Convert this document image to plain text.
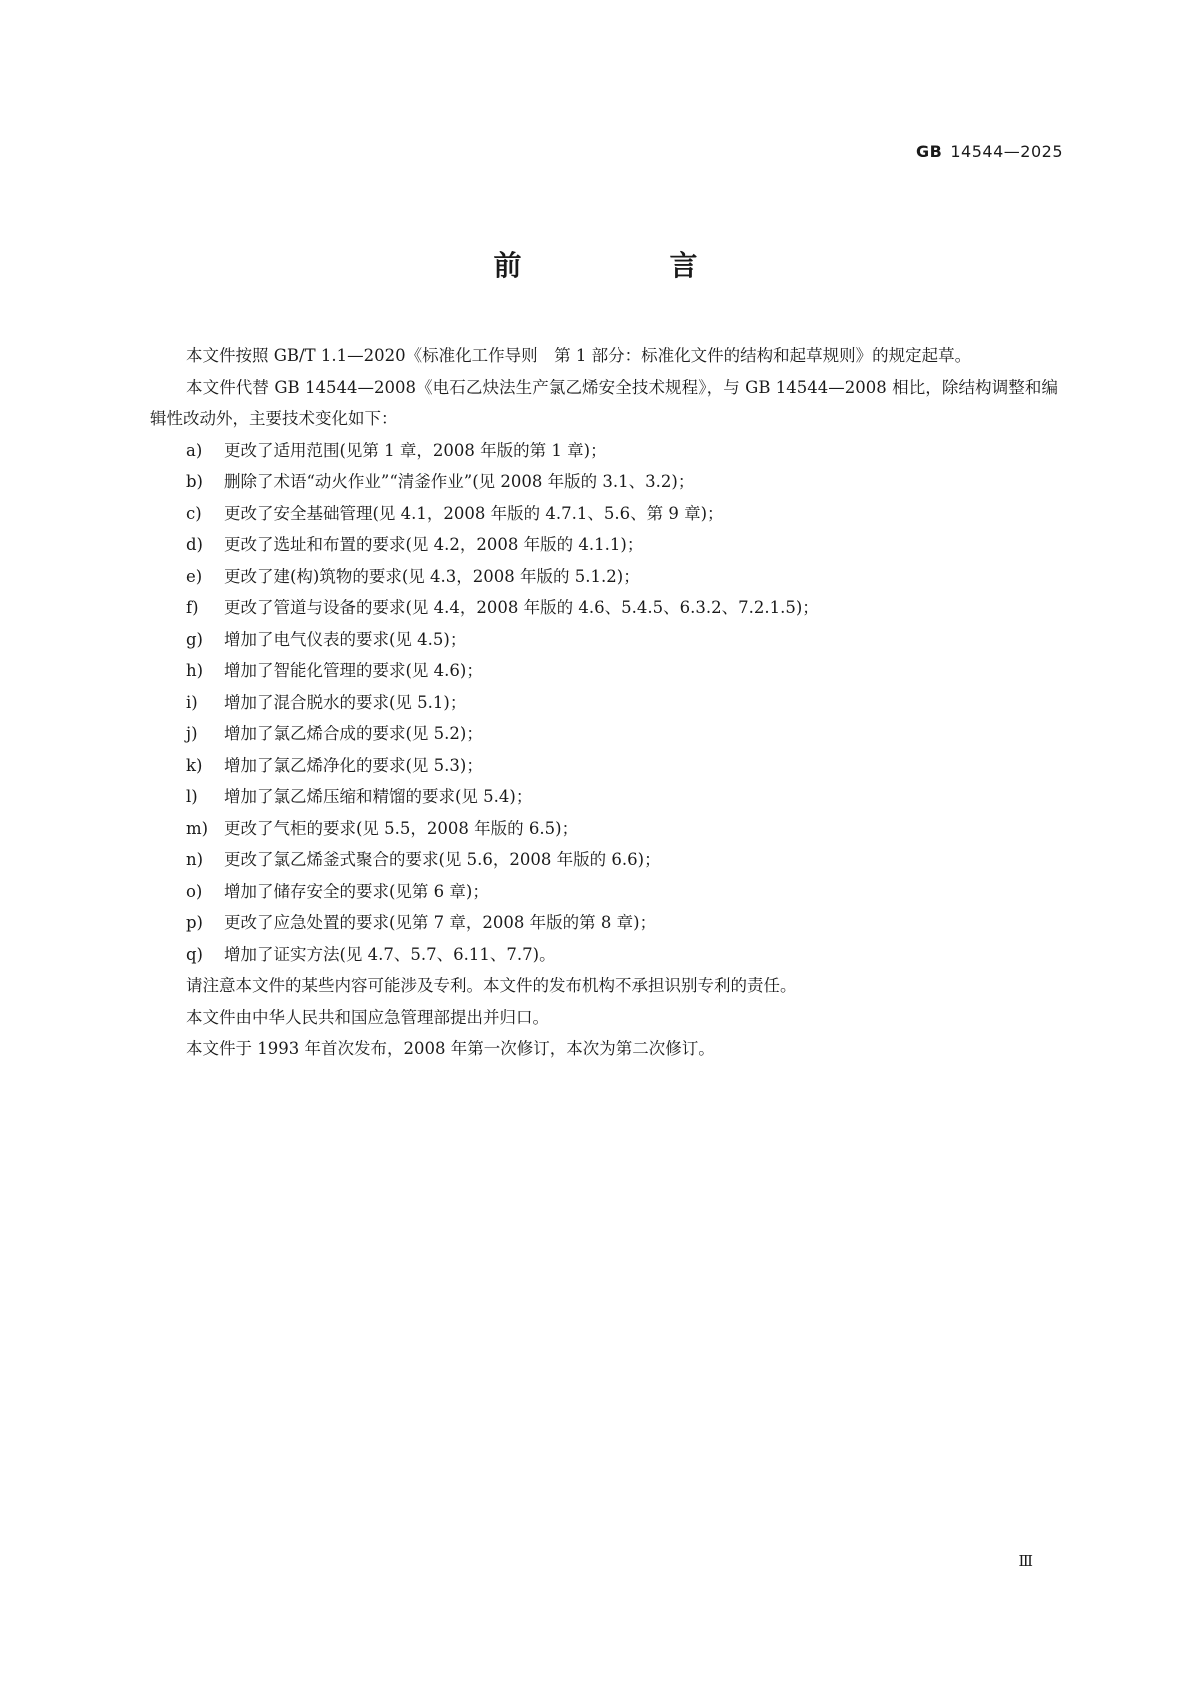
GB 14544—2025
前　言

本文件按照 GB/T 1.1—2020《标准化工作导则　第 1 部分：标准化文件的结构和起草规则》的规定起草。

本文件代替 GB 14544—2008《电石乙炔法生产氯乙烯安全技术规程》，与 GB 14544—2008 相比，除结构调整和编辑性改动外，主要技术变化如下：

a)	更改了适用范围(见第 1 章，2008 年版的第 1 章)；
b)	删除了术语“动火作业”“清釜作业”(见 2008 年版的 3.1、3.2)；
c)	更改了安全基础管理(见 4.1，2008 年版的 4.7.1、5.6、第 9 章)；
d)	更改了选址和布置的要求(见 4.2，2008 年版的 4.1.1)；
e)	更改了建(构)筑物的要求(见 4.3，2008 年版的 5.1.2)；
f)	更改了管道与设备的要求(见 4.4，2008 年版的 4.6、5.4.5、6.3.2、7.2.1.5)；
g)	增加了电气仪表的要求(见 4.5)；
h)	增加了智能化管理的要求(见 4.6)；
i)	增加了混合脱水的要求(见 5.1)；
j)	增加了氯乙烯合成的要求(见 5.2)；
k)	增加了氯乙烯净化的要求(见 5.3)；
l)	增加了氯乙烯压缩和精馏的要求(见 5.4)；
m) 更改了气柜的要求(见 5.5，2008 年版的 6.5)；
n)	更改了氯乙烯釜式聚合的要求(见 5.6，2008 年版的 6.6)；
o)	增加了储存安全的要求(见第 6 章)；
p)	更改了应急处置的要求(见第 7 章，2008 年版的第 8 章)；
q)	增加了证实方法(见 4.7、5.7、6.11、7.7)。

请注意本文件的某些内容可能涉及专利。本文件的发布机构不承担识别专利的责任。

本文件由中华人民共和国应急管理部提出并归口。

本文件于 1993 年首次发布，2008 年第一次修订，本次为第二次修订。

Ⅲ
